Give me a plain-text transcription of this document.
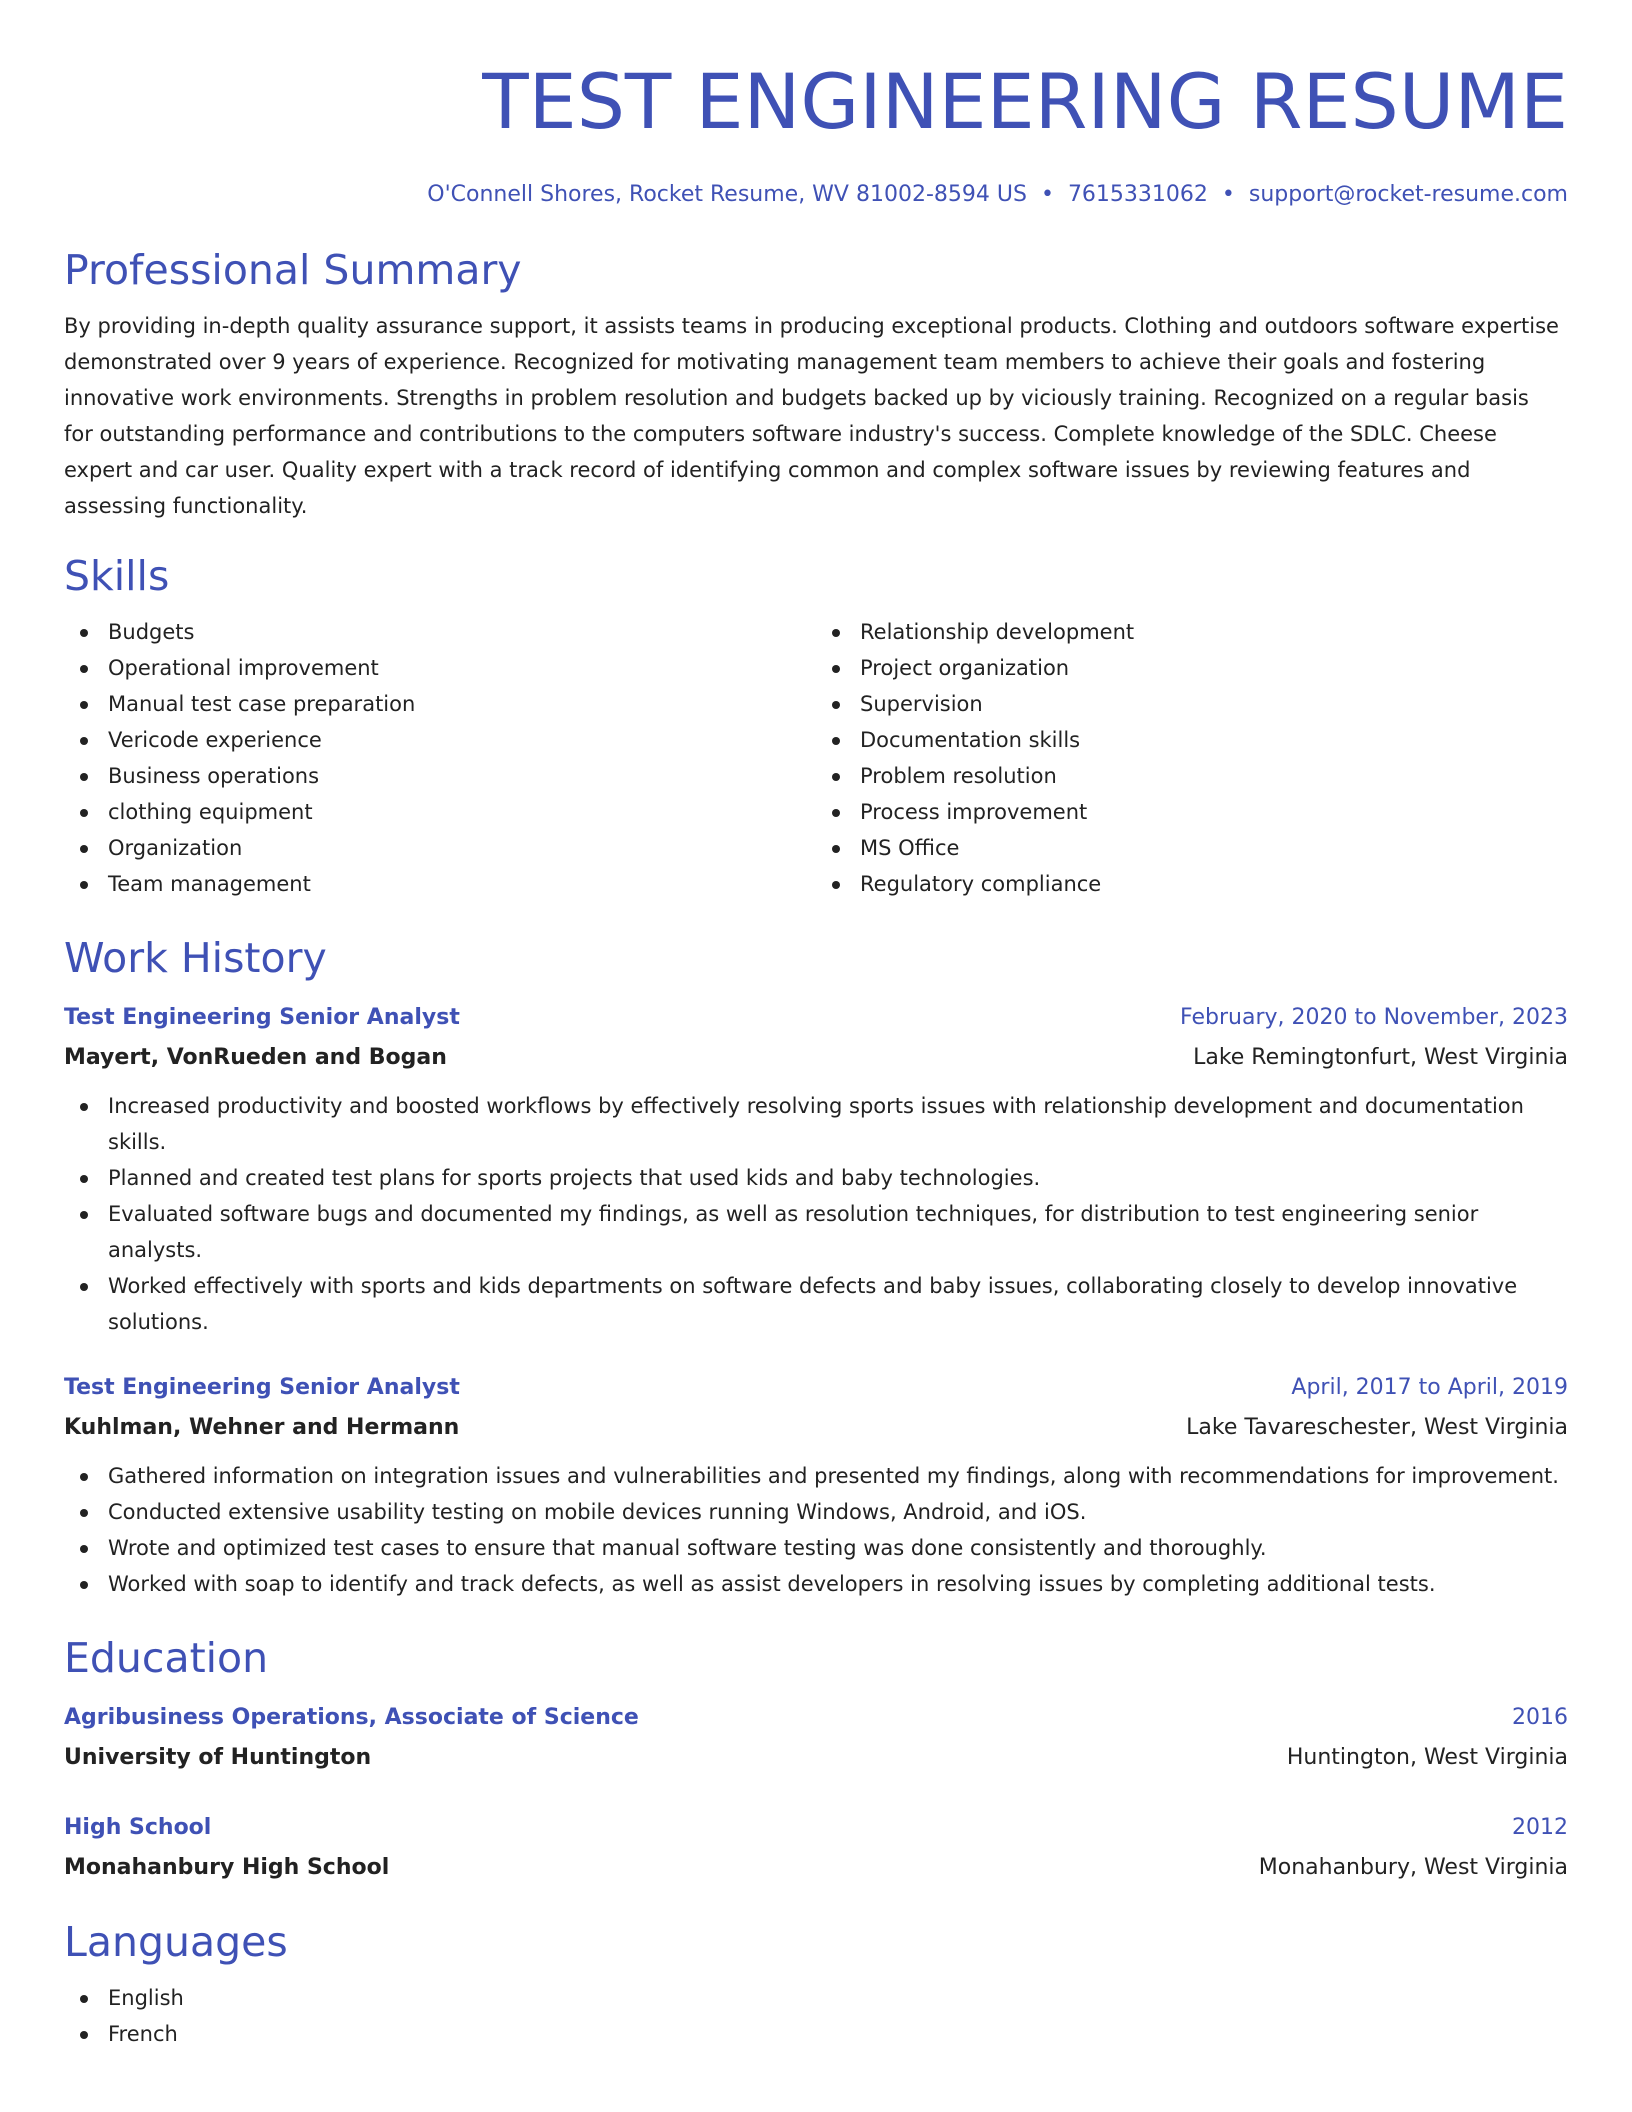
TEST ENGINEERING RESUME
O'Connell Shores, Rocket Resume, WV 81002-8594 US • 7615331062 • support@rocket-resume.com
Professional Summary

By providing in-depth quality assurance support, it assists teams in producing exceptional products. Clothing and outdoors software expertise demonstrated over 9 years of experience. Recognized for motivating management team members to achieve their goals and fostering innovative work environments. Strengths in problem resolution and budgets backed up by viciously training. Recognized on a regular basis for outstanding performance and contributions to the computers software industry's success. Complete knowledge of the SDLC. Cheese expert and car user. Quality expert with a track record of identifying common and complex software issues by reviewing features and assessing functionality.

Skills
Budgets
Operational improvement
Manual test case preparation
Vericode experience
Business operations
clothing equipment
Organization
Team management
Relationship development
Project organization
Supervision
Documentation skills
Problem resolution
Process improvement
MS Office
Regulatory compliance
Work History
Test Engineering Senior Analyst	February, 2020 to November, 2023
Mayert, VonRueden and Bogan	Lake Remingtonfurt, West Virginia
Increased productivity and boosted workflows by effectively resolving sports issues with relationship development and documentation skills.
Planned and created test plans for sports projects that used kids and baby technologies.
Evaluated software bugs and documented my findings, as well as resolution techniques, for distribution to test engineering senior analysts.
Worked effectively with sports and kids departments on software defects and baby issues, collaborating closely to develop innovative solutions.
Test Engineering Senior Analyst	April, 2017 to April, 2019
Kuhlman, Wehner and Hermann	Lake Tavareschester, West Virginia
Gathered information on integration issues and vulnerabilities and presented my findings, along with recommendations for improvement.
Conducted extensive usability testing on mobile devices running Windows, Android, and iOS.
Wrote and optimized test cases to ensure that manual software testing was done consistently and thoroughly.
Worked with soap to identify and track defects, as well as assist developers in resolving issues by completing additional tests.
Education
Agribusiness Operations, Associate of Science	2016
University of Huntington	Huntington, West Virginia
High School	2012
Monahanbury High School	Monahanbury, West Virginia
Languages
English
French
